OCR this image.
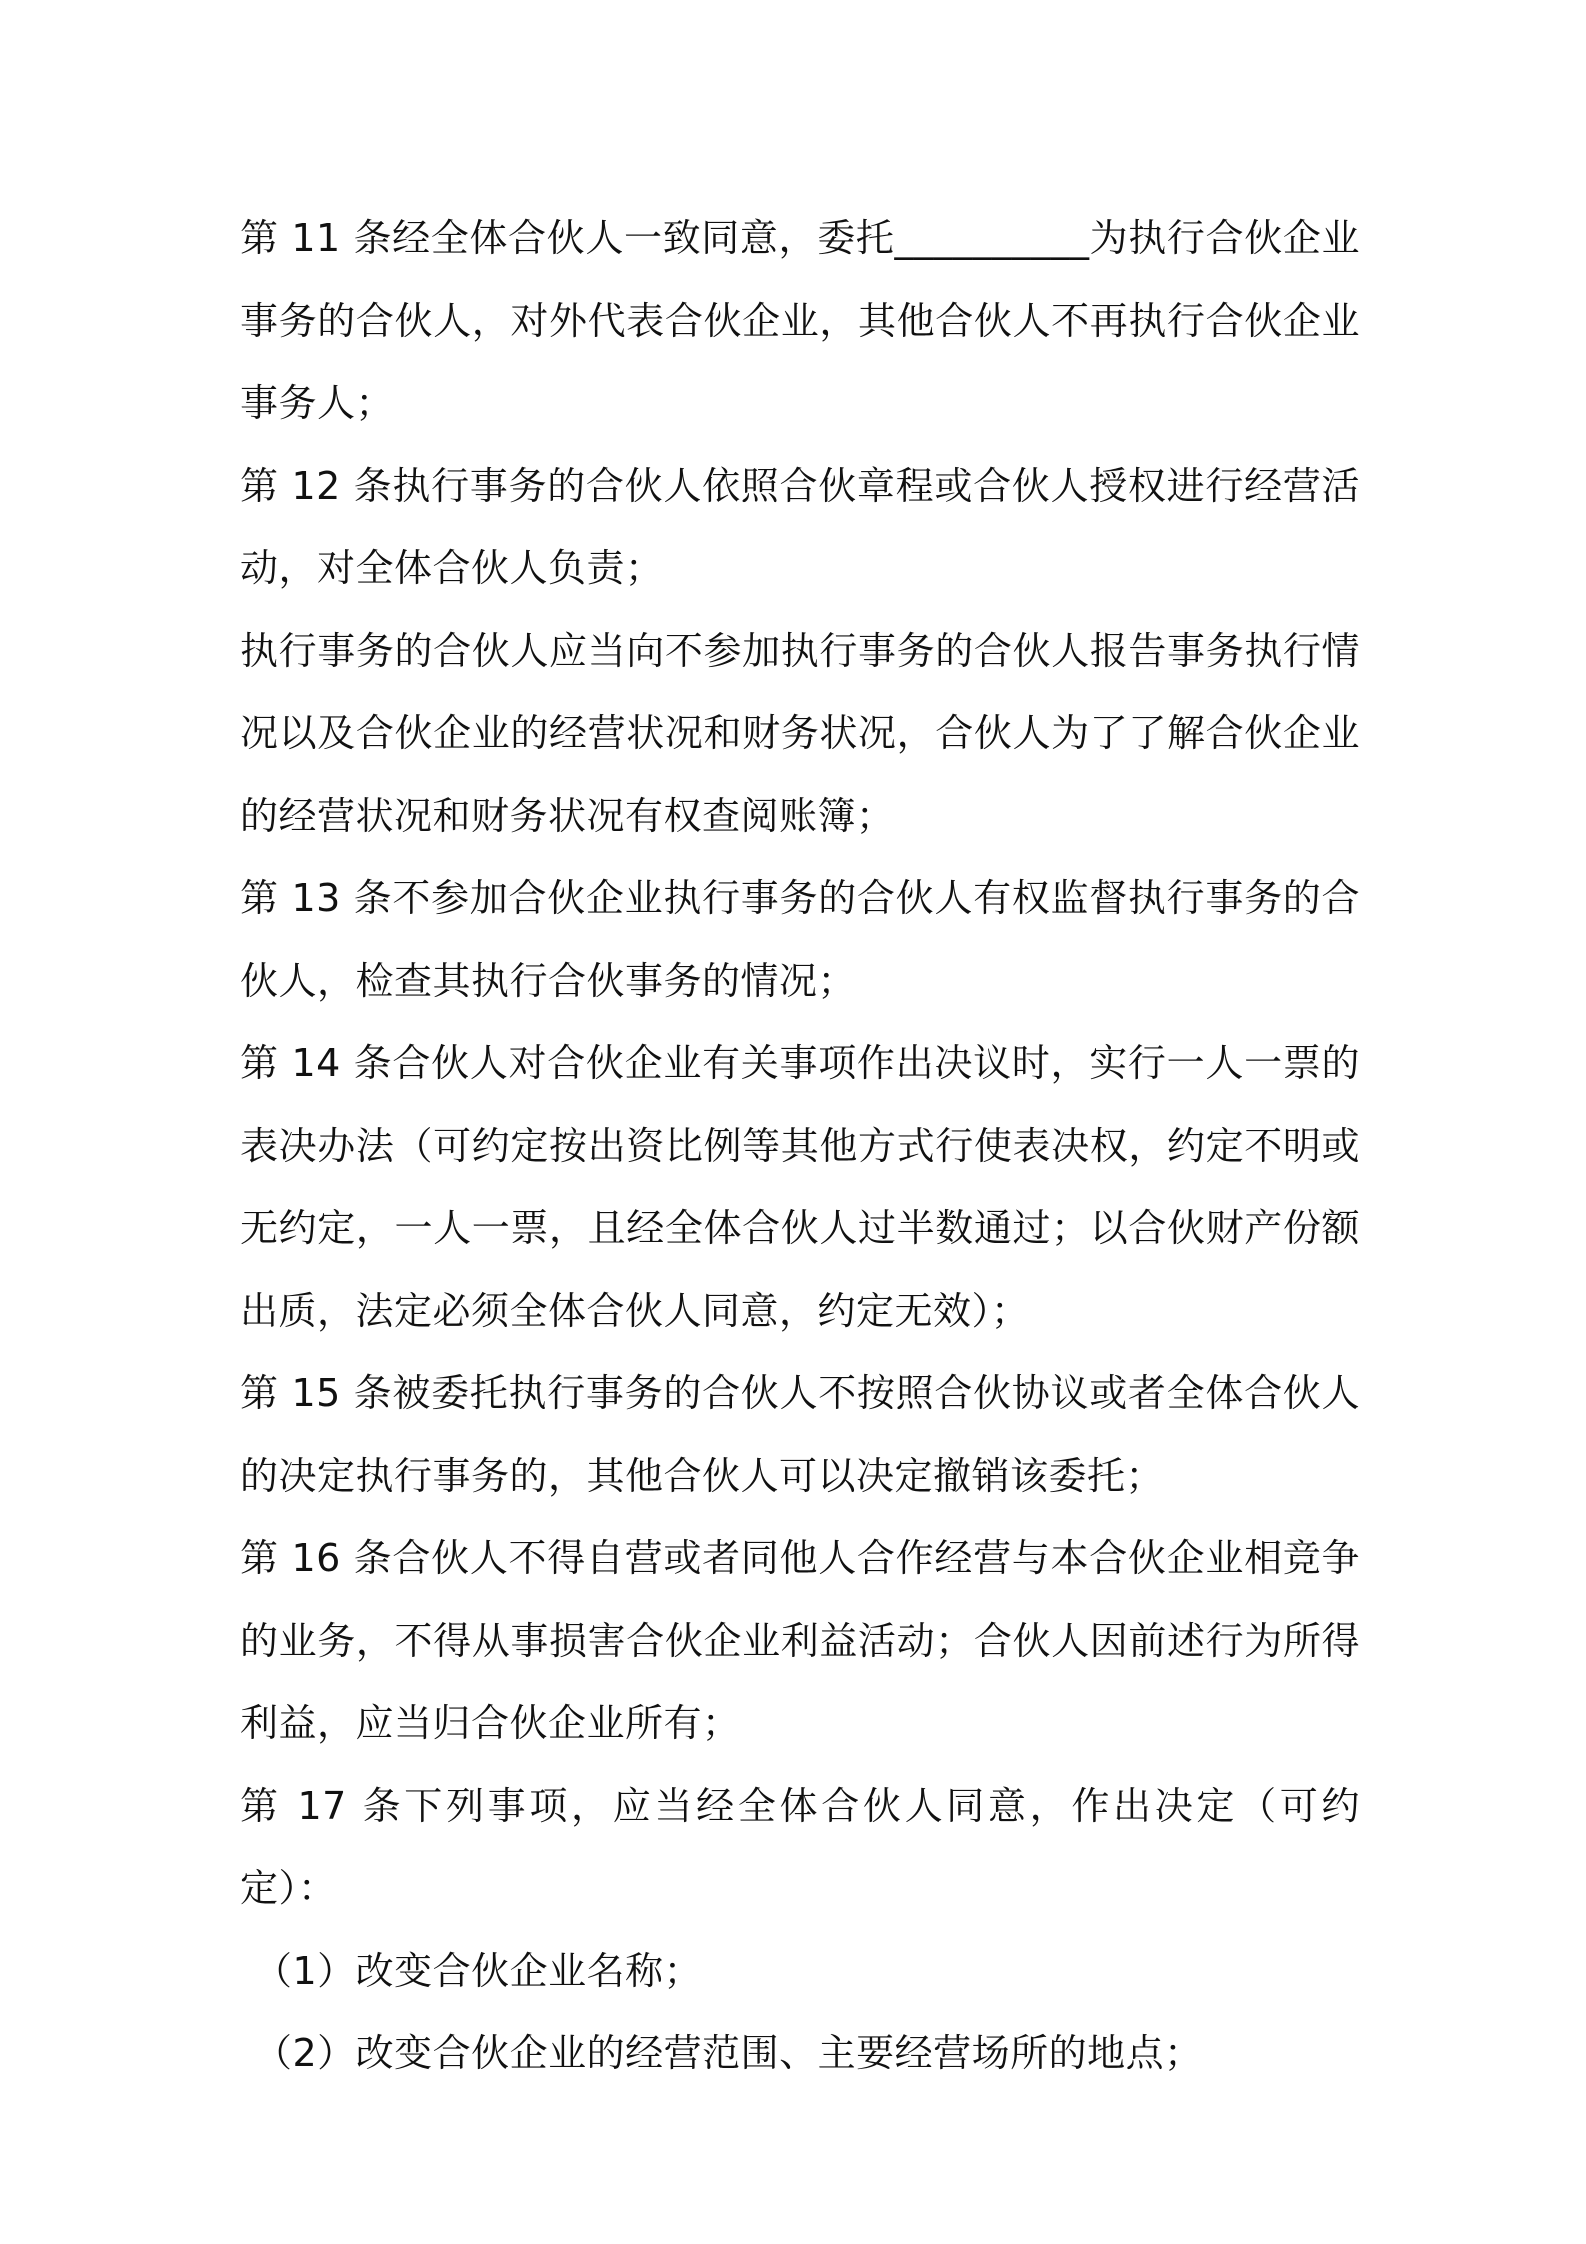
第 11 条经全体合伙人一致同意，委托__________为执行合伙企业事务的合伙人，对外代表合伙企业，其他合伙人不再执行合伙企业事务人；

第 12 条执行事务的合伙人依照合伙章程或合伙人授权进行经营活动，对全体合伙人负责；

执行事务的合伙人应当向不参加执行事务的合伙人报告事务执行情况以及合伙企业的经营状况和财务状况，合伙人为了了解合伙企业的经营状况和财务状况有权查阅账簿；

第 13 条不参加合伙企业执行事务的合伙人有权监督执行事务的合伙人，检查其执行合伙事务的情况；

第 14 条合伙人对合伙企业有关事项作出决议时，实行一人一票的表决办法（可约定按出资比例等其他方式行使表决权，约定不明或无约定，一人一票，且经全体合伙人过半数通过；以合伙财产份额出质，法定必须全体合伙人同意，约定无效）；

第 15 条被委托执行事务的合伙人不按照合伙协议或者全体合伙人的决定执行事务的，其他合伙人可以决定撤销该委托；

第 16 条合伙人不得自营或者同他人合作经营与本合伙企业相竞争的业务，不得从事损害合伙企业利益活动；合伙人因前述行为所得利益，应当归合伙企业所有；

第 17 条下列事项，应当经全体合伙人同意，作出决定（可约定）：

（1）改变合伙企业名称；

（2）改变合伙企业的经营范围、主要经营场所的地点；
